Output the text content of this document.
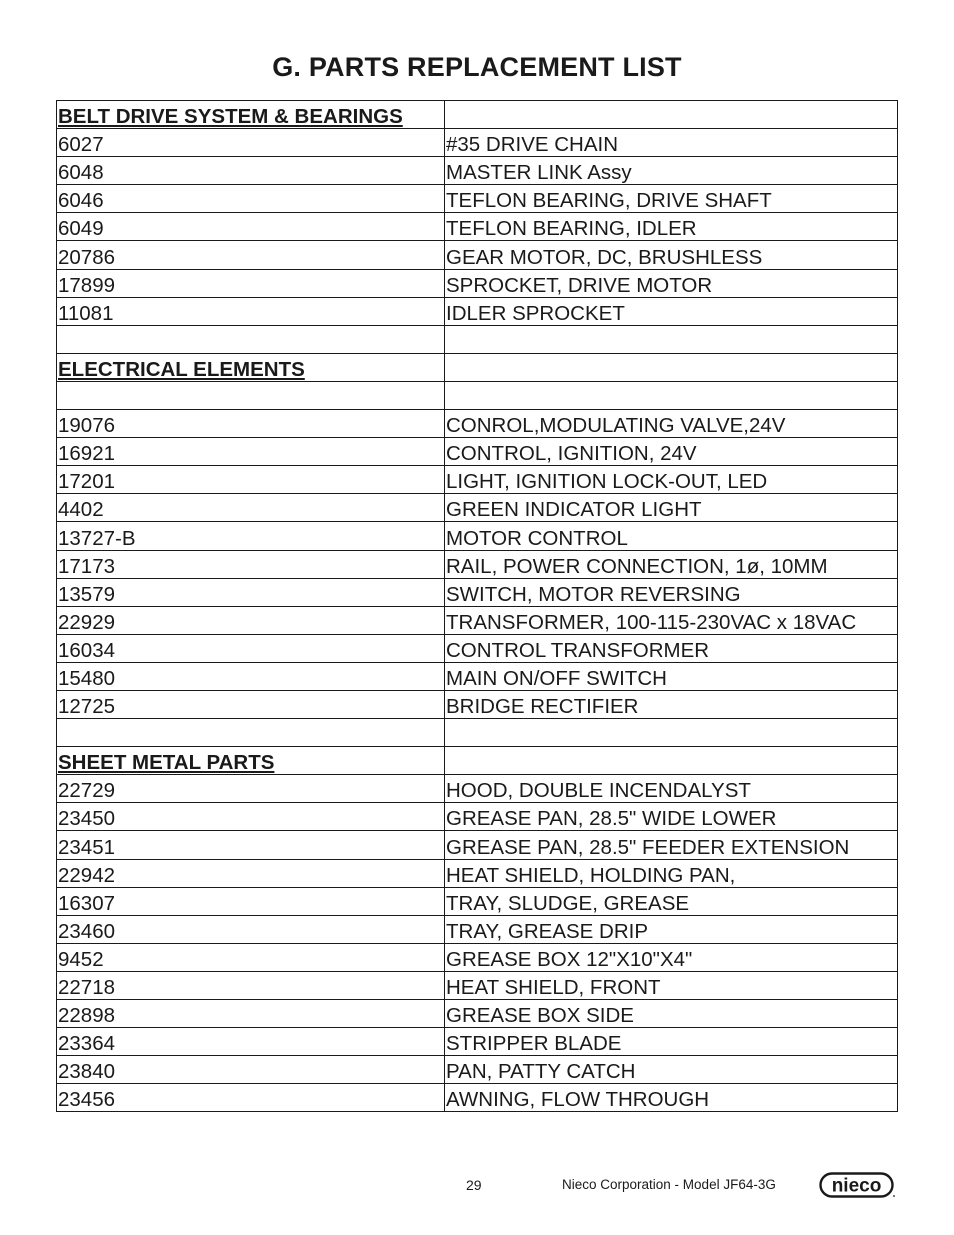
G. PARTS REPLACEMENT LIST
BELT DRIVE SYSTEM & BEARINGS	
6027	#35 DRIVE CHAIN
6048	MASTER LINK Assy
6046	TEFLON BEARING, DRIVE SHAFT
6049	TEFLON BEARING, IDLER
20786	GEAR MOTOR, DC, BRUSHLESS
17899	SPROCKET, DRIVE MOTOR
11081	IDLER SPROCKET

ELECTRICAL ELEMENTS	

19076	CONROL,MODULATING VALVE,24V
16921	CONTROL, IGNITION, 24V
17201	LIGHT, IGNITION LOCK-OUT, LED
4402	GREEN INDICATOR LIGHT
13727-B	MOTOR CONTROL
17173	RAIL, POWER CONNECTION, 1ø, 10MM
13579	SWITCH, MOTOR REVERSING
22929	TRANSFORMER, 100-115-230VAC x 18VAC
16034	CONTROL TRANSFORMER
15480	MAIN ON/OFF SWITCH
12725	BRIDGE RECTIFIER

SHEET METAL PARTS	
22729	HOOD, DOUBLE INCENDALYST
23450	GREASE PAN, 28.5" WIDE LOWER
23451	GREASE PAN, 28.5" FEEDER EXTENSION
22942	HEAT SHIELD, HOLDING PAN,
16307	TRAY, SLUDGE, GREASE
23460	TRAY, GREASE DRIP
9452	GREASE BOX 12"X10"X4"
22718	HEAT SHIELD, FRONT
22898	GREASE BOX SIDE
23364	STRIPPER BLADE
23840	PAN, PATTY CATCH
23456	AWNING, FLOW THROUGH
29	Nieco Corporation - Model JF64-3G	nieco
